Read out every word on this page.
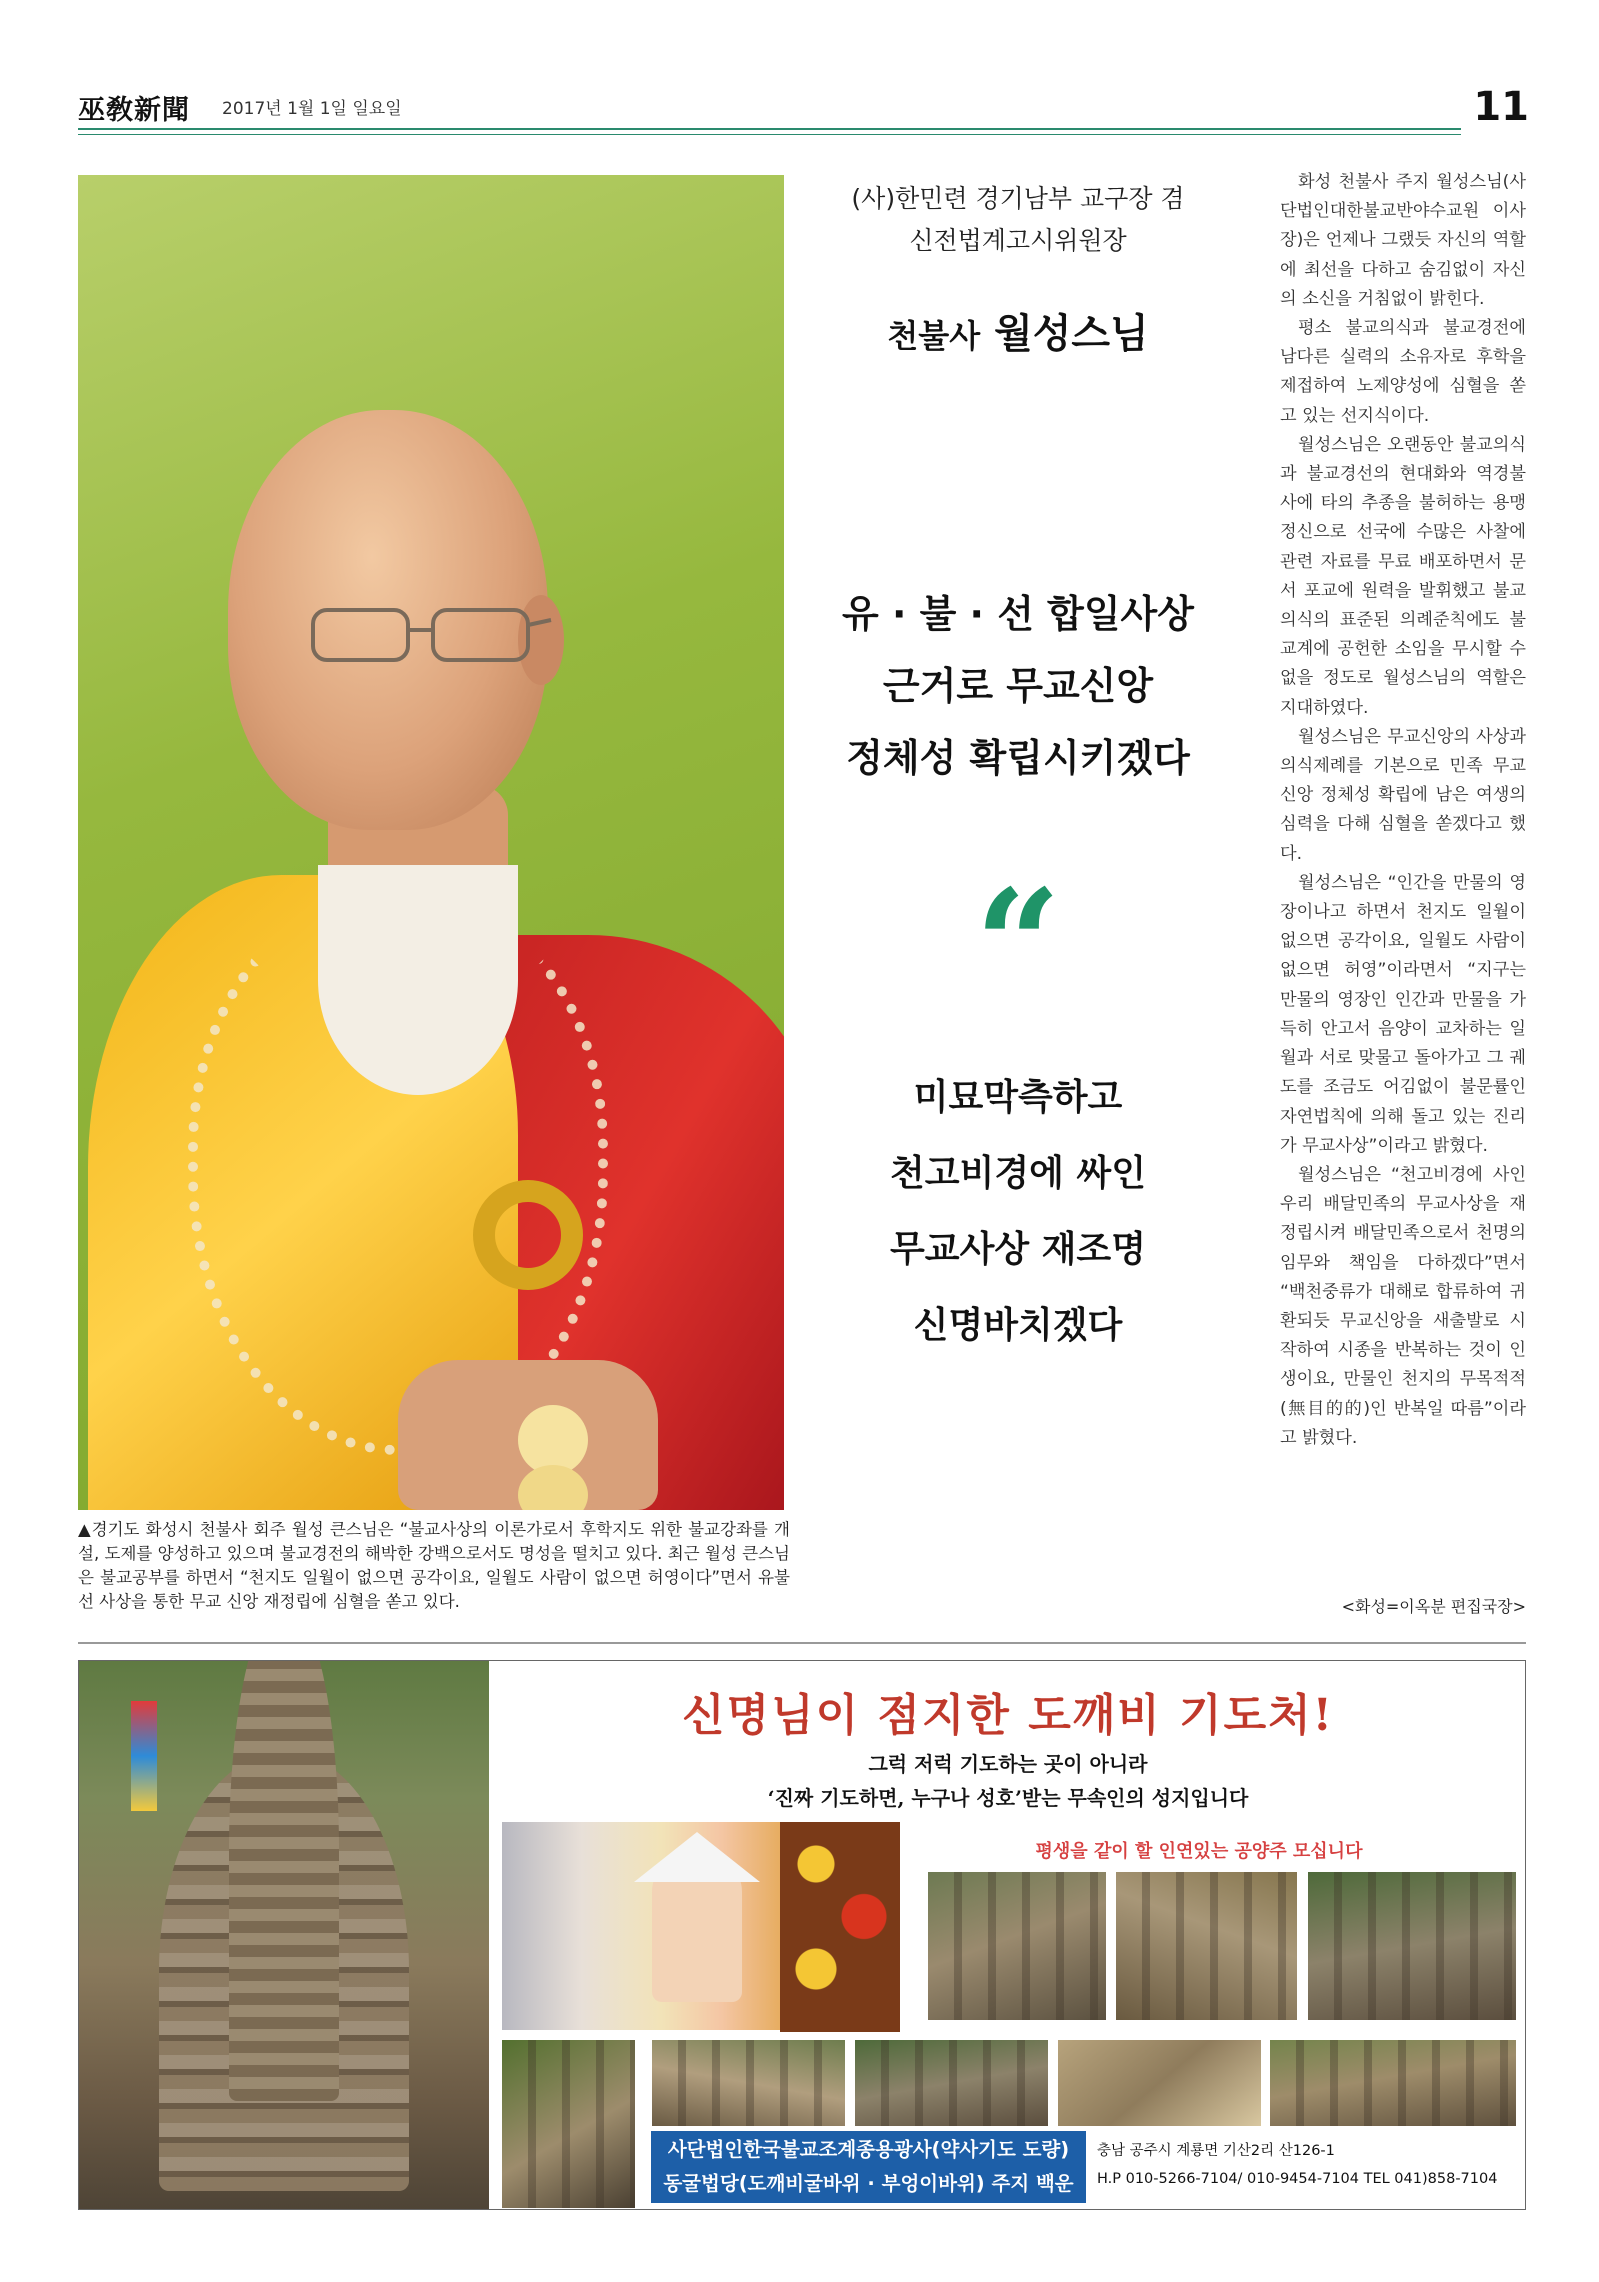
巫敎新聞 2017년 1월 1일 일요일	11
▲경기도 화성시 천불사 회주 월성 큰스님은 “불교사상의 이론가로서 후학지도 위한 불교강좌를 개설, 도제를 양성하고 있으며 불교경전의 해박한 강백으로서도 명성을 떨치고 있다. 최근 월성 큰스님은 불교공부를 하면서 “천지도 일월이 없으면 공각이요, 일월도 사람이 없으면 허영이다”면서 유불선 사상을 통한 무교 신앙 재정립에 심혈을 쏟고 있다.
(사)한민련 경기남부 교구장 겸
신전법계고시위원장
천불사 월성스님
유 · 불 · 선 합일사상
근거로 무교신앙
정체성 확립시키겠다
“
미묘막측하고
천고비경에 싸인
무교사상 재조명
신명바치겠다

화성 천불사 주지 월성스님(사단법인대한불교반야수교원 이사장)은 언제나 그랬듯 자신의 역할에 최선을 다하고 숨김없이 자신의 소신을 거침없이 밝힌다.

평소 불교의식과 불교경전에 남다른 실력의 소유자로 후학을 제접하여 노제양성에 심혈을 쏟고 있는 선지식이다.

월성스님은 오랜동안 불교의식과 불교경선의 현대화와 역경불사에 타의 추종을 불허하는 용맹정신으로 선국에 수많은 사찰에 관련 자료를 무료 배포하면서 문서 포교에 원력을 발휘했고 불교의식의 표준된 의례준칙에도 불교계에 공헌한 소임을 무시할 수 없을 정도로 월성스님의 역할은 지대하였다.

월성스님은 무교신앙의 사상과 의식제례를 기본으로 민족 무교신앙 정체성 확립에 남은 여생의 심력을 다해 심혈을 쏟겠다고 했다.

월성스님은 “인간을 만물의 영장이나고 하면서 천지도 일월이 없으면 공각이요, 일월도 사람이 없으면 허영”이라면서 “지구는 만물의 영장인 인간과 만물을 가득히 안고서 음양이 교차하는 일월과 서로 맞물고 돌아가고 그 궤도를 조금도 어김없이 불문률인 자연법칙에 의해 돌고 있는 진리가 무교사상”이라고 밝혔다.

월성스님은 “천고비경에 사인 우리 배달민족의 무교사상을 재정립시켜 배달민족으로서 천명의 임무와 책임을 다하겠다”면서 “백천중류가 대해로 합류하여 귀환되듯 무교신앙을 새출발로 시작하여 시종을 반복하는 것이 인생이요, 만물인 천지의 무목적적(無目的的)인 반복일 따름”이라고 밝혔다.

<화성=이옥분 편집국장>
신명님이 점지한 도깨비 기도처!
그럭 저럭 기도하는 곳이 아니라
‘진짜 기도하면, 누구나 성호’받는 무속인의 성지입니다
평생을 같이 할 인연있는 공양주 모십니다
사단법인한국불교조계종용광사(약사기도 도량)
동굴법당(도깨비굴바위 · 부엉이바위) 주지 백운
충남 공주시 계룡면 기산2리 산126-1
H.P 010-5266-7104/ 010-9454-7104 TEL 041)858-7104
